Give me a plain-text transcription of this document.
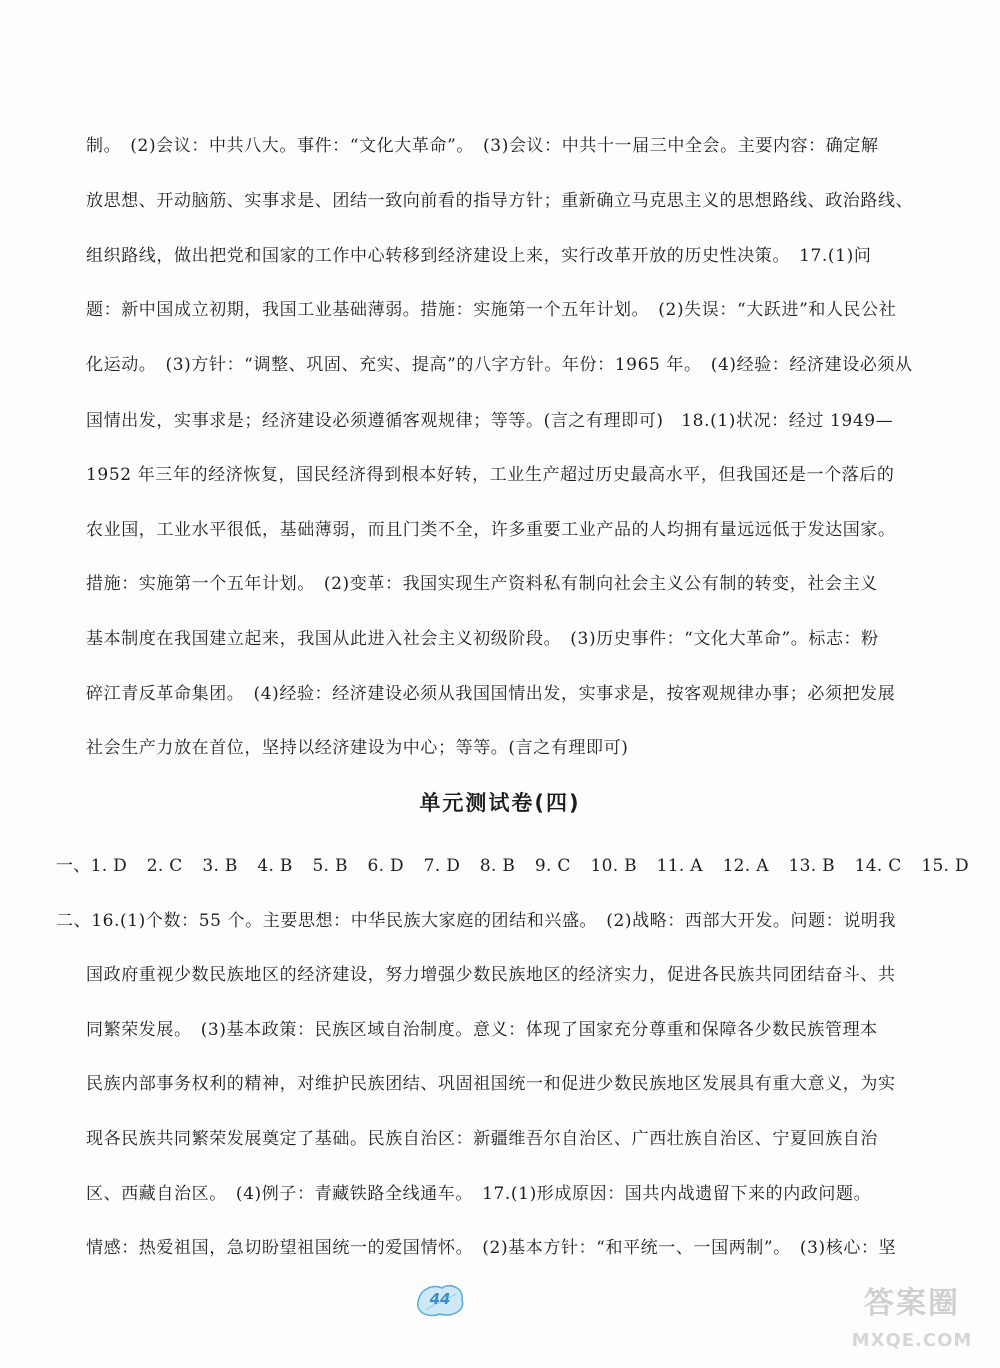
制。　(2)会议：中共八大。事件：“文化大革命”。　(3)会议：中共十一届三中全会。主要内容：确定解
放思想、开动脑筋、实事求是、团结一致向前看的指导方针；重新确立马克思主义的思想路线、政治路线、
组织路线，做出把党和国家的工作中心转移到经济建设上来，实行改革开放的历史性决策。　17.(1)问
题：新中国成立初期，我国工业基础薄弱。措施：实施第一个五年计划。　(2)失误：“大跃进”和人民公社
化运动。　(3)方针：“调整、巩固、充实、提高”的八字方针。年份：1965 年。　(4)经验：经济建设必须从
国情出发，实事求是；经济建设必须遵循客观规律；等等。(言之有理即可)　18.(1)状况：经过 1949—
1952 年三年的经济恢复，国民经济得到根本好转，工业生产超过历史最高水平，但我国还是一个落后的
农业国，工业水平很低，基础薄弱，而且门类不全，许多重要工业产品的人均拥有量远远低于发达国家。
措施：实施第一个五年计划。　(2)变革：我国实现生产资料私有制向社会主义公有制的转变，社会主义
基本制度在我国建立起来，我国从此进入社会主义初级阶段。　(3)历史事件：“文化大革命”。标志：粉
碎江青反革命集团。　(4)经验：经济建设必须从我国国情出发，实事求是，按客观规律办事；必须把发展
社会生产力放在首位，坚持以经济建设为中心；等等。(言之有理即可)
单元测试卷(四)
一、1. D 2. C 3. B 4. B 5. B 6. D 7. D 8. B 9. C 10. B 11. A 12. A 13. B 14. C 15. D
二、16.(1)个数：55 个。主要思想：中华民族大家庭的团结和兴盛。　(2)战略：西部大开发。问题：说明我
国政府重视少数民族地区的经济建设，努力增强少数民族地区的经济实力，促进各民族共同团结奋斗、共
同繁荣发展。　(3)基本政策：民族区域自治制度。意义：体现了国家充分尊重和保障各少数民族管理本
民族内部事务权利的精神，对维护民族团结、巩固祖国统一和促进少数民族地区发展具有重大意义，为实
现各民族共同繁荣发展奠定了基础。民族自治区：新疆维吾尔自治区、广西壮族自治区、宁夏回族自治
区、西藏自治区。　(4)例子：青藏铁路全线通车。　17.(1)形成原因：国共内战遗留下来的内政问题。
情感：热爱祖国，急切盼望祖国统一的爱国情怀。　(2)基本方针：“和平统一、一国两制”。　(3)核心：坚
44	答案圈
MXQE.COM
